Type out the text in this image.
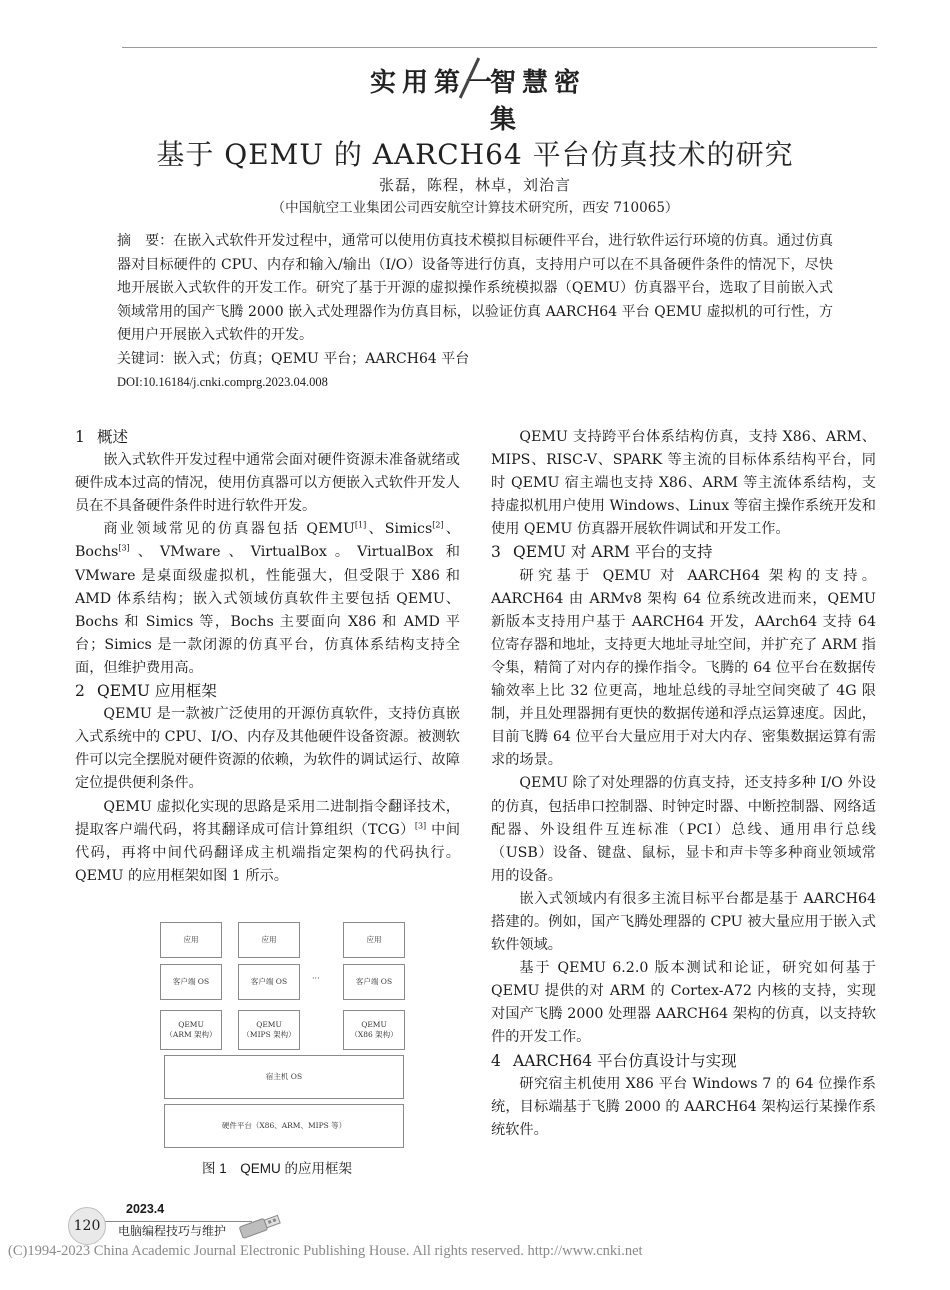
实用第一
智慧密集
基于 QEMU 的 AARCH64 平台仿真技术的研究
张磊，陈程，林卓，刘治言
（中国航空工业集团公司西安航空计算技术研究所，西安 710065）
摘　要：在嵌入式软件开发过程中，通常可以使用仿真技术模拟目标硬件平台，进行软件运行环境的仿真。通过仿真器对目标硬件的 CPU、内存和输入/输出（I/O）设备等进行仿真，支持用户可以在不具备硬件条件的情况下，尽快地开展嵌入式软件的开发工作。研究了基于开源的虚拟操作系统模拟器（QEMU）仿真器平台，选取了目前嵌入式领域常用的国产飞腾 2000 嵌入式处理器作为仿真目标，以验证仿真 AARCH64 平台 QEMU 虚拟机的可行性，方便用户开展嵌入式软件的开发。
关键词：嵌入式；仿真；QEMU 平台；AARCH64 平台
DOI:10.16184/j.cnki.comprg.2023.04.008
1 概述

嵌入式软件开发过程中通常会面对硬件资源未准备就绪或硬件成本过高的情况，使用仿真器可以方便嵌入式软件开发人员在不具备硬件条件时进行软件开发。

商业领域常见的仿真器包括 QEMU[1]、Simics[2]、Bochs[3]、VMware、VirtualBox。VirtualBox 和 VMware 是桌面级虚拟机，性能强大，但受限于 X86 和 AMD 体系结构；嵌入式领域仿真软件主要包括 QEMU、Bochs 和 Simics 等，Bochs 主要面向 X86 和 AMD 平台；Simics 是一款闭源的仿真平台，仿真体系结构支持全面，但维护费用高。

2 QEMU 应用框架

QEMU 是一款被广泛使用的开源仿真软件，支持仿真嵌入式系统中的 CPU、I/O、内存及其他硬件设备资源。被测软件可以完全摆脱对硬件资源的依赖，为软件的调试运行、故障定位提供便利条件。

QEMU 虚拟化实现的思路是采用二进制指令翻译技术，提取客户端代码，将其翻译成可信计算组织（TCG）[3] 中间代码，再将中间代码翻译成主机端指定架构的代码执行。QEMU 的应用框架如图 1 所示。

应用	应用	应用
客户端 OS	客户端 OS	···	客户端 OS
QEMU
（ARM 架构）
QEMU
（MIPS 架构）
QEMU
（X86 架构）
宿主机 OS
硬件平台（X86、ARM、MIPS 等）
图 1　QEMU 的应用框架

QEMU 支持跨平台体系结构仿真，支持 X86、ARM、MIPS、RISC-V、SPARK 等主流的目标体系结构平台，同时 QEMU 宿主端也支持 X86、ARM 等主流体系结构，支持虚拟机用户使用 Windows、Linux 等宿主操作系统开发和使用 QEMU 仿真器开展软件调试和开发工作。

3 QEMU 对 ARM 平台的支持

研究基于 QEMU 对 AARCH64 架构的支持。AARCH64 由 ARMv8 架构 64 位系统改进而来，QEMU 新版本支持用户基于 AARCH64 开发，AArch64 支持 64 位寄存器和地址，支持更大地址寻址空间，并扩充了 ARM 指令集，精简了对内存的操作指令。飞腾的 64 位平台在数据传输效率上比 32 位更高，地址总线的寻址空间突破了 4G 限制，并且处理器拥有更快的数据传递和浮点运算速度。因此，目前飞腾 64 位平台大量应用于对大内存、密集数据运算有需求的场景。

QEMU 除了对处理器的仿真支持，还支持多种 I/O 外设的仿真，包括串口控制器、时钟定时器、中断控制器、网络适配器、外设组件互连标准（PCI）总线、通用串行总线（USB）设备、键盘、鼠标，显卡和声卡等多种商业领域常用的设备。

嵌入式领域内有很多主流目标平台都是基于 AARCH64 搭建的。例如，国产飞腾处理器的 CPU 被大量应用于嵌入式软件领域。

基于 QEMU 6.2.0 版本测试和论证，研究如何基于 QEMU 提供的对 ARM 的 Cortex-A72 内核的支持，实现对国产飞腾 2000 处理器 AARCH64 架构的仿真，以支持软件的开发工作。

4 AARCH64 平台仿真设计与实现

研究宿主机使用 X86 平台 Windows 7 的 64 位操作系统，目标端基于飞腾 2000 的 AARCH64 架构运行某操作系统软件。

120
2023.4
电脑编程技巧与维护
(C)1994-2023 China Academic Journal Electronic Publishing House. All rights reserved. http://www.cnki.net
